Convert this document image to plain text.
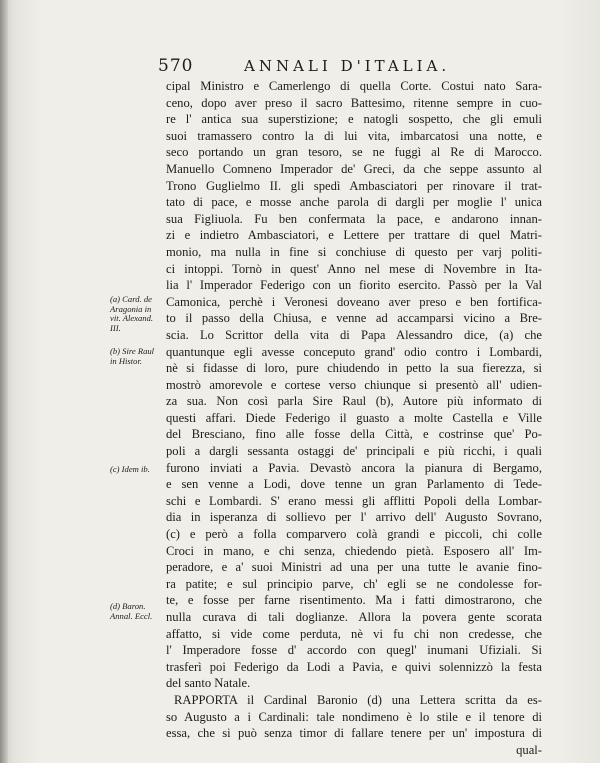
570	ANNALI D'ITALIA.
cipal Ministro e Camerlengo di quella Corte. Costui nato Sara-
ceno, dopo aver preso il sacro Battesimo, ritenne sempre in cuo-
re l' antica sua superstizione; e natogli sospetto, che gli emuli
suoi tramassero contro la di lui vita, imbarcatosi una notte, e
seco portando un gran tesoro, se ne fuggì al Re di Marocco.
Manuello Comneno Imperador de' Greci, da che seppe assunto al
Trono Guglielmo II. gli spedì Ambasciatori per rinovare il trat-
tato di pace, e mosse anche parola di dargli per moglie l' unica
sua Figliuola. Fu ben confermata la pace, e andarono innan-
zi e indietro Ambasciatori, e Lettere per trattare di quel Matri-
monio, ma nulla in fine si conchiuse di questo per varj politi-
ci intoppi. Tornò in quest' Anno nel mese di Novembre in Ita-
lia l' Imperador Federigo con un fiorito esercito. Passò per la Val
Camonica, perchè i Veronesi doveano aver preso e ben fortifica-
to il passo della Chiusa, e venne ad accamparsi vicino a Bre-
scia. Lo Scrittor della vita di Papa Alessandro dice, (a) che
quantunque egli avesse conceputo grand' odio contro i Lombardi,
nè si fidasse di loro, pure chiudendo in petto la sua fierezza, si
mostrò amorevole e cortese verso chiunque si presentò all' udien-
za sua. Non così parla Sire Raul (b), Autore più informato di
questi affari. Diede Federigo il guasto a molte Castella e Ville
del Bresciano, fino alle fosse della Città, e costrinse que' Po-
poli a dargli sessanta ostaggi de' principali e più ricchi, i quali
furono inviati a Pavia. Devastò ancora la pianura di Bergamo,
e sen venne a Lodi, dove tenne un gran Parlamento di Tede-
schi e Lombardi. S' erano messi gli afflitti Popoli della Lombar-
dia in isperanza di sollievo per l' arrivo dell' Augusto Sovrano,
(c) e però a folla comparvero colà grandi e piccoli, chi colle
Croci in mano, e chi senza, chiedendo pietà. Esposero all' Im-
peradore, e a' suoi Ministri ad una per una tutte le avanie fino-
ra patite; e sul principio parve, ch' egli se ne condolesse for-
te, e fosse per farne risentimento. Ma i fatti dimostrarono, che
nulla curava di tali doglianze. Allora la povera gente scorata
affatto, si vide come perduta, nè vi fu chi non credesse, che
l' Imperadore fosse d' accordo con quegl' inumani Ufiziali. Si
trasferì poi Federigo da Lodi a Pavia, e quivi solennizzò la festa
del santo Natale.
RAPPORTA il Cardinal Baronio (d) una Lettera scritta da es-
so Augusto a i Cardinali: tale nondimeno è lo stile e il tenore di
essa, che si può senza timor di fallare tenere per un' impostura di
qual-
(a) Card. de
Aragonia in
vit. Alexand.
III.
(b) Sire Raul
in Histor.
(c) Idem ib.
(d) Baron.
Annal. Eccl.
